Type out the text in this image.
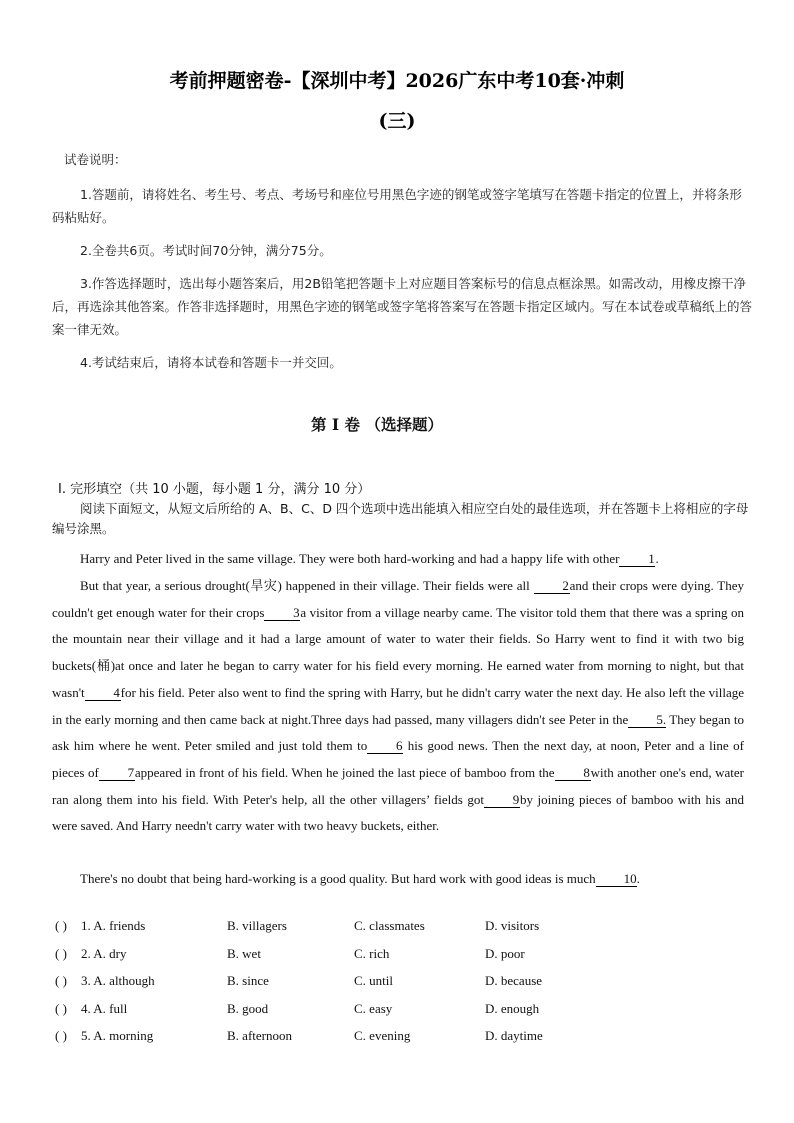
考前押题密卷-【深圳中考】2026广东中考10套·冲刺
(三)
试卷说明：
1.答题前，请将姓名、考生号、考点、考场号和座位号用黑色字迹的钢笔或签字笔填写在答题卡指定的位置上，并将条形码粘贴好。
2.全卷共6页。考试时间70分钟，满分75分。
3.作答选择题时，选出每小题答案后，用2B铅笔把答题卡上对应题目答案标号的信息点框涂黑。如需改动，用橡皮擦干净后，再选涂其他答案。作答非选择题时，用黑色字迹的钢笔或签字笔将答案写在答题卡指定区域内。写在本试卷或草稿纸上的答案一律无效。
4.考试结束后，请将本试卷和答题卡一并交回。
第 I 卷 （选择题）
I. 完形填空（共 10 小题，每小题 1 分，满分 10 分）
阅读下面短文，从短文后所给的 A、B、C、D 四个选项中选出能填入相应空白处的最佳选项，并在答题卡上将相应的字母编号涂黑。
Harry and Peter lived in the same village. They were both hard-working and had a happy life with other 1.
But that year, a serious drought(旱灾) happened in their village. Their fields were all 2and their crops were dying. They couldn't get enough water for their crops 3a visitor from a village nearby came. The visitor told them that there was a spring on the mountain near their village and it had a large amount of water to water their fields. So Harry went to find it with two big buckets(桶)at once and later he began to carry water for his field every morning. He earned water from morning to night, but that wasn't 4for his field. Peter also went to find the spring with Harry, but he didn't carry water the next day. He also left the village in the early morning and then came back at night.Three days had passed, many villagers didn't see Peter in the 5. They began to ask him where he went. Peter smiled and just told them to 6 his good news. Then the next day, at noon, Peter and a line of pieces of 7appeared in front of his field. When he joined the last piece of bamboo from the 8with another one's end, water ran along them into his field. With Peter's help, all the other villagers’ fields got 9by joining pieces of bamboo with his and were saved. And Harry needn't carry water with two heavy buckets, either.
There's no doubt that being hard-working is a good quality. But hard work with good ideas is much 10.
( ) 1. A. friends	B. villagers	C. classmates	D. visitors
( ) 2. A. dry	B. wet	C. rich	D. poor
( ) 3. A. although	B. since	C. until	D. because
( ) 4. A. full	B. good	C. easy	D. enough
( ) 5. A. morning	B. afternoon	C. evening	D. daytime
